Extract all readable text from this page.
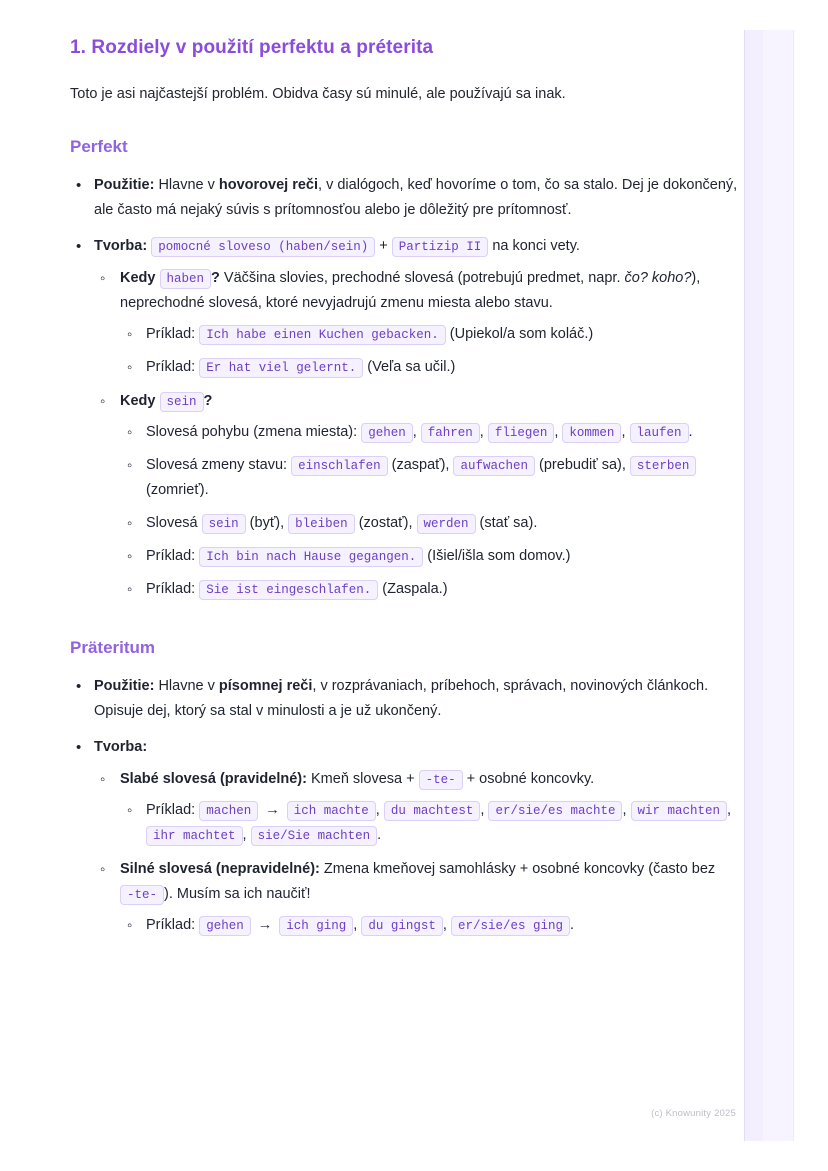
1. Rozdiely v použití perfektu a préterita

Toto je asi najčastejší problém. Obidva časy sú minulé, ale používajú sa inak.

Perfekt
• Použitie: Hlavne v hovorovej reči, v dialógoch, keď hovoríme o tom, čo sa stalo. Dej je dokončený, ale často má nejaký súvis s prítomnosťou alebo je dôležitý pre prítomnosť.
• Tvorba: pomocné sloveso (haben/sein) + Partizip II na konci vety.
◦ Kedy haben ? Väčšina slovies, prechodné slovesá (potrebujú predmet, napr. čo? koho?), neprechodné slovesá, ktoré nevyjadrujú zmenu miesta alebo stavu.
◦ Príklad: Ich habe einen Kuchen gebacken. (Upiekol/a som koláč.)
◦ Príklad: Er hat viel gelernt. (Veľa sa učil.)
◦ Kedy sein ?
◦ Slovesá pohybu (zmena miesta): gehen , fahren , fliegen , kommen , laufen .
◦ Slovesá zmeny stavu: einschlafen (zaspať), aufwachen (prebudiť sa), sterben (zomrieť).
◦ Slovesá sein (byť), bleiben (zostať), werden (stať sa).
◦ Príklad: Ich bin nach Hause gegangen. (Išiel/išla som domov.)
◦ Príklad: Sie ist eingeschlafen. (Zaspala.)
Präteritum
• Použitie: Hlavne v písomnej reči, v rozprávaniach, príbehoch, správach, novinových článkoch. Opisuje dej, ktorý sa stal v minulosti a je už ukončený.
• Tvorba:
◦ Slabé slovesá (pravidelné): Kmeň slovesa + -te- + osobné koncovky.
◦ Príklad: machen → ich machte , du machtest , er/sie/es machte , wir machten , ihr machtet , sie/Sie machten .
◦ Silné slovesá (nepravidelné): Zmena kmeňovej samohlásky + osobné koncovky (často bez -te- ). Musím sa ich naučiť!
◦ Príklad: gehen → ich ging , du gingst , er/sie/es ging .
(c) Knowunity 2025
